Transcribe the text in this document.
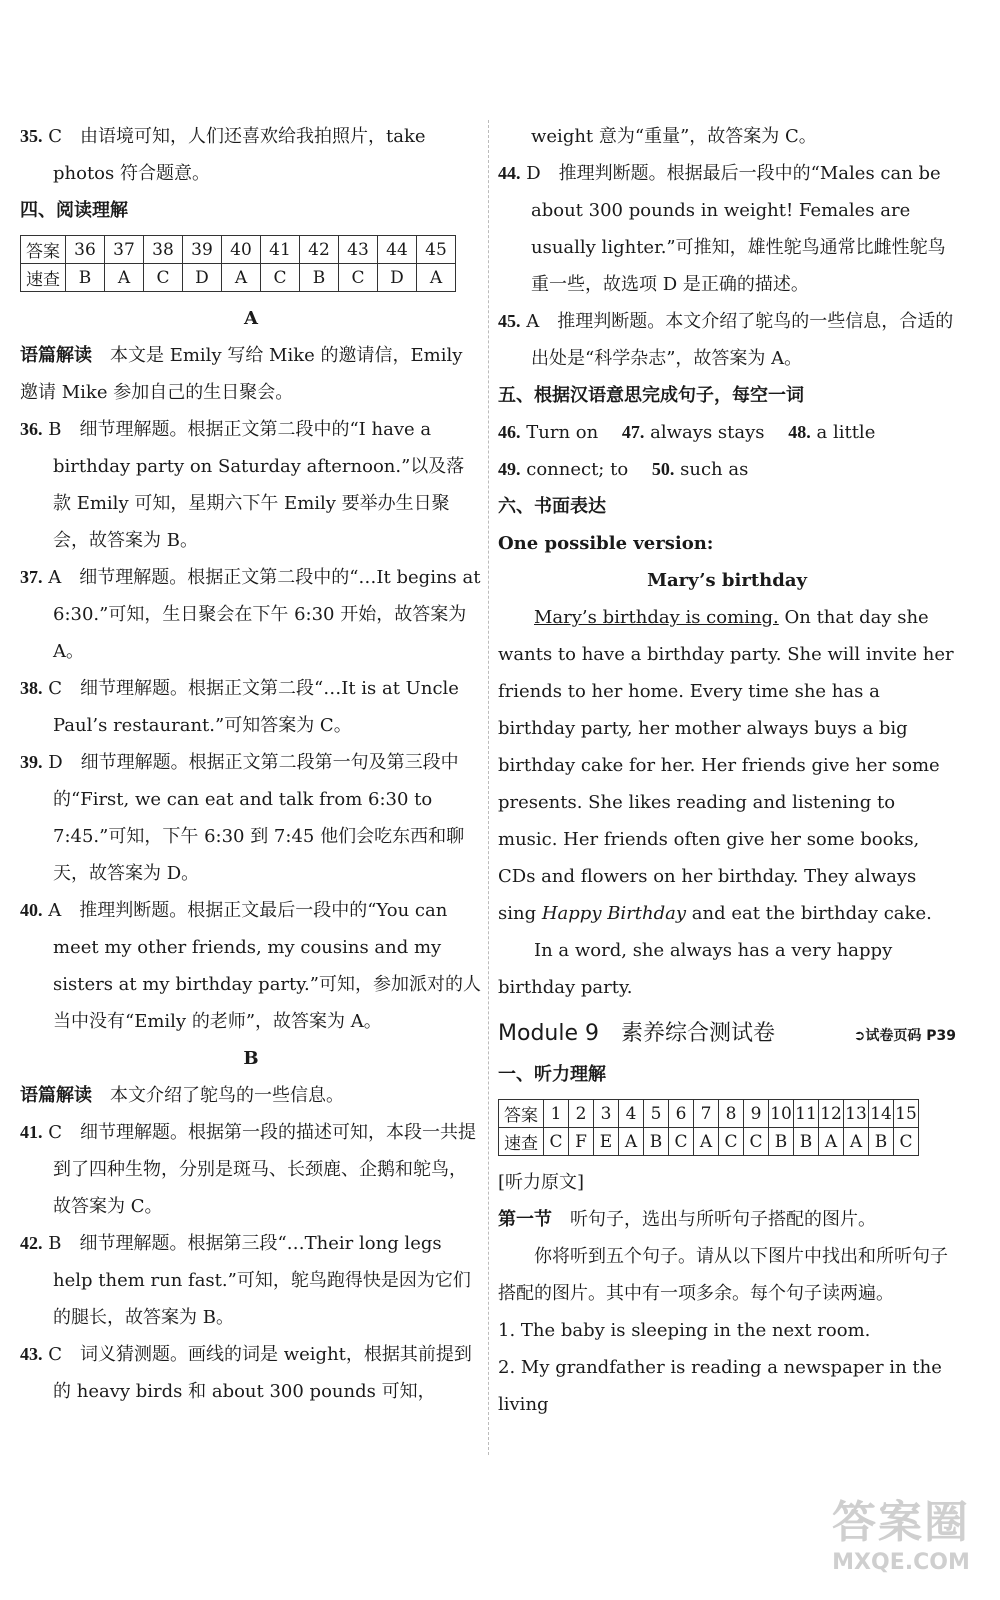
35. C　 由语境可知，人们还喜欢给我拍照片，take photos 符合题意。

四、阅读理解

答案	36	37	38	39	40	41	42	43	44	45
速查	B	A	C	D	A	C	B	C	D	A

A

语篇解读　 本文是 Emily 写给 Mike 的邀请信，Emily 邀请 Mike 参加自己的生日聚会。

36. B　 细节理解题。根据正文第二段中的“I have a birthday party on Saturday afternoon.”以及落款 Emily 可知，星期六下午 Emily 要举办生日聚会，故答案为 B。

37. A　 细节理解题。根据正文第二段中的“…It begins at 6:30.”可知，生日聚会在下午 6:30 开始，故答案为 A。

38. C　 细节理解题。根据正文第二段“…It is at Uncle Paul’s restaurant.”可知答案为 C。

39. D　 细节理解题。根据正文第二段第一句及第三段中的“First, we can eat and talk from 6:30 to 7:45.”可知，下午 6:30 到 7:45 他们会吃东西和聊天，故答案为 D。

40. A　 推理判断题。根据正文最后一段中的“You can meet my other friends, my cousins and my sisters at my birthday party.”可知，参加派对的人当中没有“Emily 的老师”，故答案为 A。

B

语篇解读　 本文介绍了鸵鸟的一些信息。

41. C　 细节理解题。根据第一段的描述可知，本段一共提到了四种生物，分别是斑马、长颈鹿、企鹅和鸵鸟，故答案为 C。

42. B　 细节理解题。根据第三段“…Their long legs help them run fast.”可知，鸵鸟跑得快是因为它们的腿长，故答案为 B。

43. C　 词义猜测题。画线的词是 weight，根据其前提到的 heavy birds 和 about 300 pounds 可知，

weight 意为“重量”，故答案为 C。

44. D　 推理判断题。根据最后一段中的“Males can be about 300 pounds in weight! Females are usually lighter.”可推知，雄性鸵鸟通常比雌性鸵鸟重一些，故选项 D 是正确的描述。

45. A　 推理判断题。本文介绍了鸵鸟的一些信息，合适的出处是“科学杂志”，故答案为 A。

五、根据汉语意思完成句子，每空一词

46. Turn on　 47. always stays　 48. a little

49. connect; to　 50. such as

六、书面表达

One possible version:

Mary’s birthday

Mary’s birthday is coming. On that day she wants to have a birthday party. She will invite her friends to her home. Every time she has a birthday party, her mother always buys a big birthday cake for her. Her friends give her some presents. She likes reading and listening to music. Her friends often give her some books, CDs and flowers on her birthday. They always sing Happy Birthday and eat the birthday cake.

In a word, she always has a very happy birthday party.

Module 9　素养综合测试卷	➲试卷页码 P39

一、听力理解

答案	1	2	3	4	5	6	7	8	9	10	11	12	13	14	15
速查	C	F	E	A	B	C	A	C	C	B	B	A	A	B	C

[听力原文]

第一节　 听句子，选出与所听句子搭配的图片。

你将听到五个句子。请从以下图片中找出和所听句子搭配的图片。其中有一项多余。每个句子读两遍。

1. The baby is sleeping in the next room.

2. My grandfather is reading a newspaper in the living

答案圈
MXQE.COM
